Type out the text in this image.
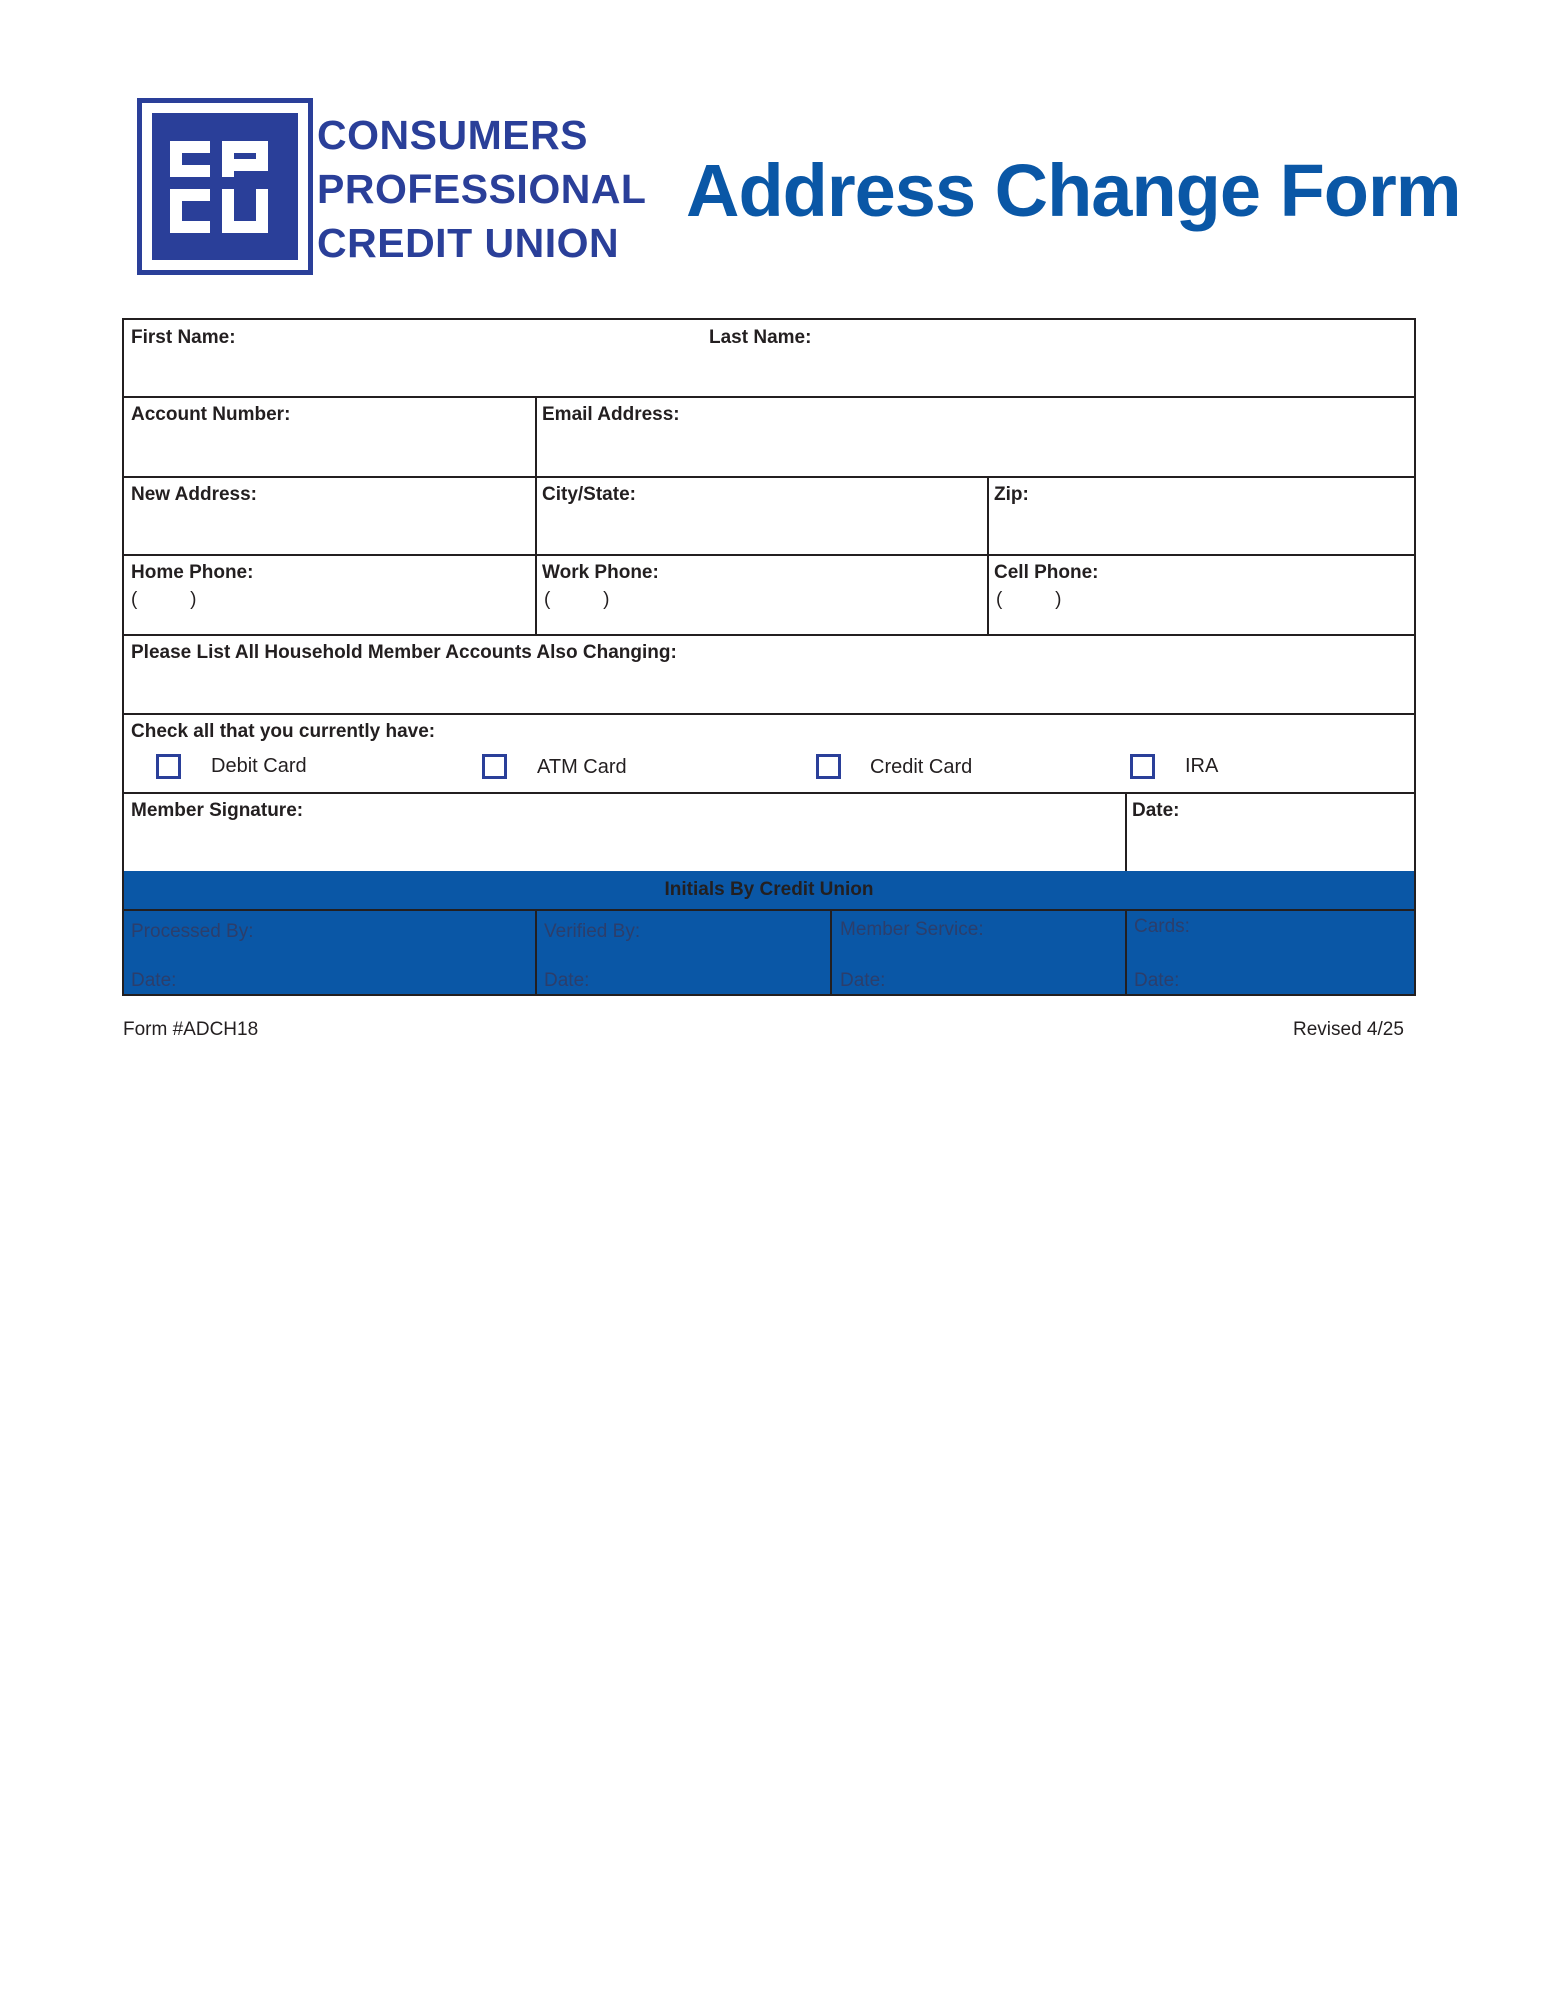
CONSUMERS
PROFESSIONAL
CREDIT UNION
Address Change Form
First Name:	Last Name:
Account Number:	Email Address:
New Address:	City/State:	Zip:
Home Phone:
(          )
Work Phone:
(          )
Cell Phone:
(          )
Please List All Household Member Accounts Also Changing:
Check all that you currently have:
Debit Card	ATM Card	Credit Card	IRA
Member Signature:	Date:
Initials By Credit Union
Processed By:
Date:
Verified By:
Date:
Member Service:
Date:
Cards:
Date:
Form #ADCH18	Revised 4/25
